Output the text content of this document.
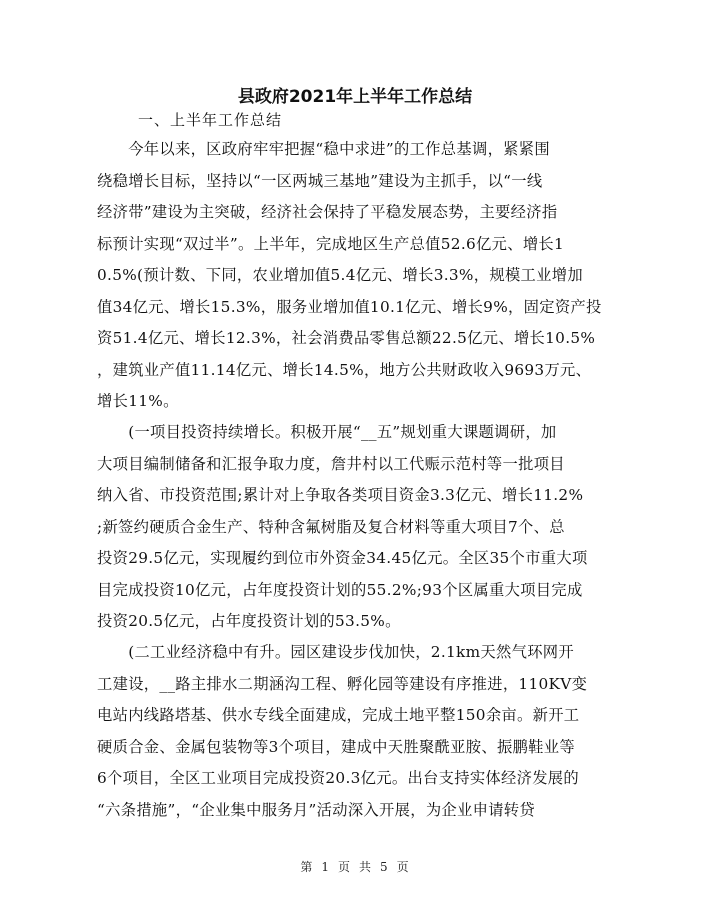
县政府2021年上半年工作总结
一、上半年工作总结
　　今年以来，区政府牢牢把握“稳中求进”的工作总基调，紧紧围
绕稳增长目标，坚持以“一区两城三基地”建设为主抓手，以“一线
经济带”建设为主突破，经济社会保持了平稳发展态势，主要经济指
标预计实现“双过半”。上半年，完成地区生产总值52.6亿元、增长1
0.5%(预计数、下同，农业增加值5.4亿元、增长3.3%，规模工业增加
值34亿元、增长15.3%，服务业增加值10.1亿元、增长9%，固定资产投
资51.4亿元、增长12.3%，社会消费品零售总额22.5亿元、增长10.5%
，建筑业产值11.14亿元、增长14.5%，地方公共财政收入9693万元、
增长11%。
　　(一项目投资持续增长。积极开展“__五”规划重大课题调研，加
大项目编制储备和汇报争取力度，詹井村以工代赈示范村等一批项目
纳入省、市投资范围;累计对上争取各类项目资金3.3亿元、增长11.2%
;新签约硬质合金生产、特种含氟树脂及复合材料等重大项目7个、总
投资29.5亿元，实现履约到位市外资金34.45亿元。全区35个市重大项
目完成投资10亿元，占年度投资计划的55.2%;93个区属重大项目完成
投资20.5亿元，占年度投资计划的53.5%。
　　(二工业经济稳中有升。园区建设步伐加快，2.1km天然气环网开
工建设，__路主排水二期涵沟工程、孵化园等建设有序推进，110KV变
电站内线路塔基、供水专线全面建成，完成土地平整150余亩。新开工
硬质合金、金属包装物等3个项目，建成中天胜聚酰亚胺、振鹏鞋业等
6个项目，全区工业项目完成投资20.3亿元。出台支持实体经济发展的
“六条措施”，“企业集中服务月”活动深入开展，为企业申请转贷
第 1 页 共 5 页
